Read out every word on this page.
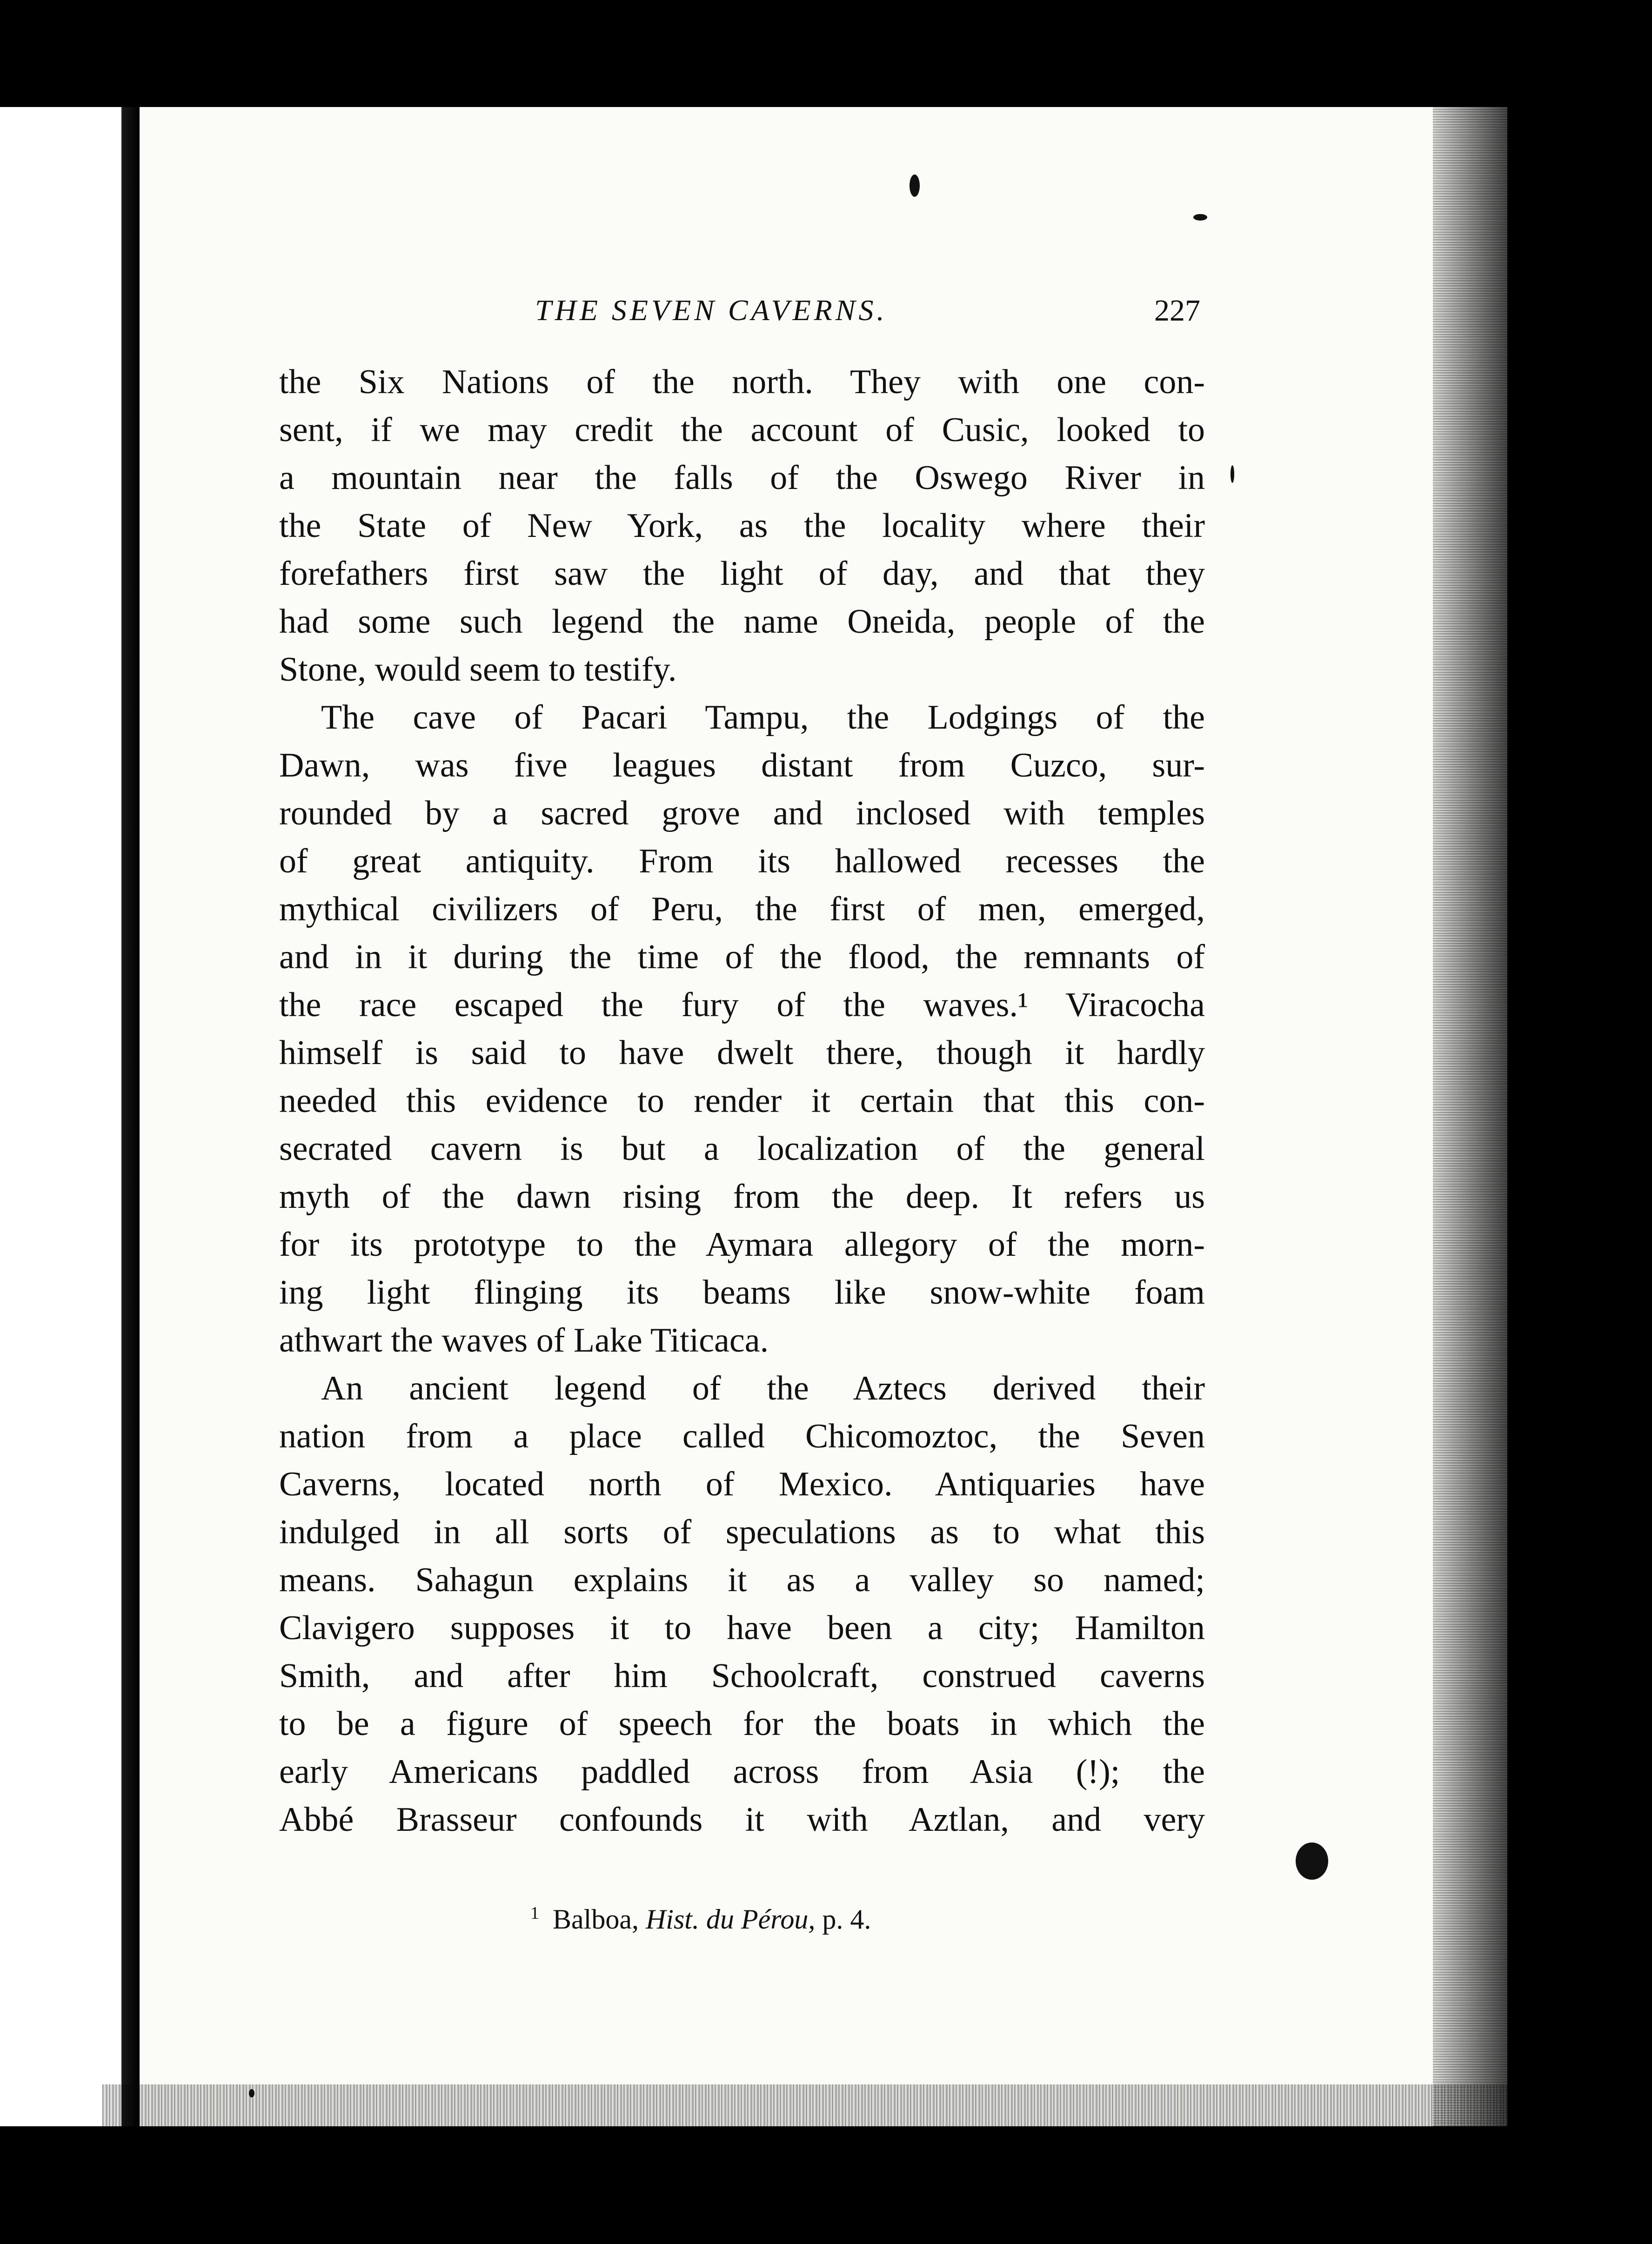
THE SEVEN CAVERNS.	227

the Six Nations of the north. They with one con-
sent, if we may credit the account of Cusic, looked to
a mountain near the falls of the Oswego River in
the State of New York, as the locality where their
forefathers first saw the light of day, and that they
had some such legend the name Oneida, people of the
Stone, would seem to testify.

The cave of Pacari Tampu, the Lodgings of the
Dawn, was five leagues distant from Cuzco, sur-
rounded by a sacred grove and inclosed with temples
of great antiquity. From its hallowed recesses the
mythical civilizers of Peru, the first of men, emerged,
and in it during the time of the flood, the remnants of
the race escaped the fury of the waves.¹ Viracocha
himself is said to have dwelt there, though it hardly
needed this evidence to render it certain that this con-
secrated cavern is but a localization of the general
myth of the dawn rising from the deep. It refers us
for its prototype to the Aymara allegory of the morn-
ing light flinging its beams like snow-white foam
athwart the waves of Lake Titicaca.

An ancient legend of the Aztecs derived their
nation from a place called Chicomoztoc, the Seven
Caverns, located north of Mexico. Antiquaries have
indulged in all sorts of speculations as to what this
means. Sahagun explains it as a valley so named;
Clavigero supposes it to have been a city; Hamilton
Smith, and after him Schoolcraft, construed caverns
to be a figure of speech for the boats in which the
early Americans paddled across from Asia (!); the
Abbé Brasseur confounds it with Aztlan, and very

$^1$ Balboa, Hist. du Pérou, p. 4.
